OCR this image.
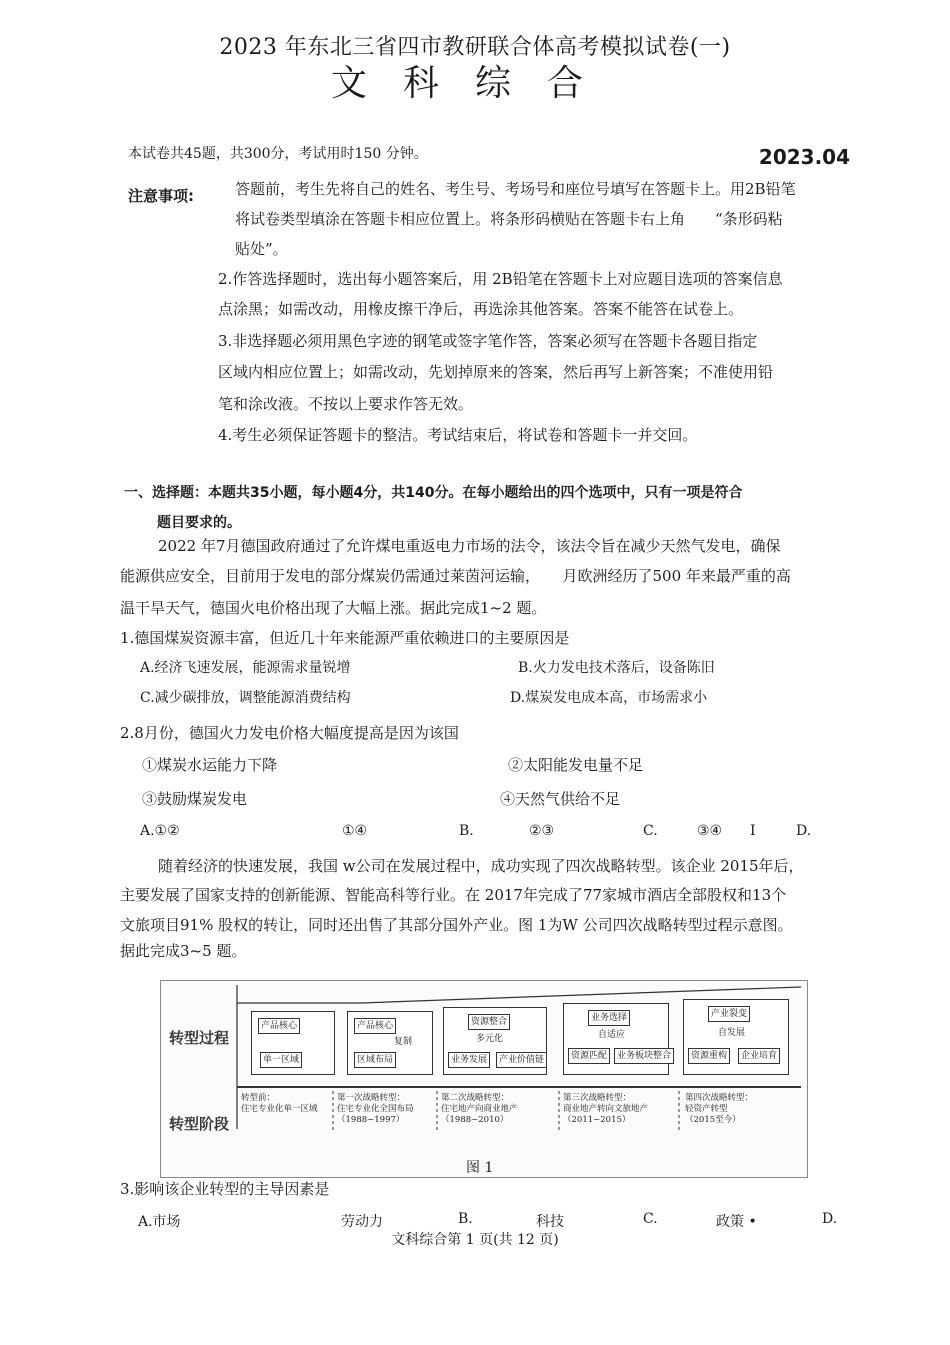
2023 年东北三省四市教研联合体高考模拟试卷(一)
文科综合
本试卷共45题，共300分，考试用时150 分钟。	2023.04
注意事项:	答题前，考生先将自己的姓名、考生号、考场号和座位号填写在答题卡上。用2B铅笔
将试卷类型填涂在答题卡相应位置上。将条形码横贴在答题卡右上角　　“条形码粘
贴处”。
2.作答选择题时，选出每小题答案后，用 2B铅笔在答题卡上对应题目选项的答案信息
点涂黑；如需改动，用橡皮擦干净后，再选涂其他答案。答案不能答在试卷上。
3.非选择题必须用黑色字迹的钢笔或签字笔作答，答案必须写在答题卡各题目指定
区域内相应位置上；如需改动，先划掉原来的答案，然后再写上新答案；不准使用铅
笔和涂改液。不按以上要求作答无效。
4.考生必须保证答题卡的整洁。考试结束后，将试卷和答题卡一并交回。
一、选择题：本题共35小题，每小题4分，共140分。在每小题给出的四个选项中，只有一项是符合
题目要求的。
2022 年7月德国政府通过了允许煤电重返电力市场的法令，该法令旨在减少天然气发电，确保
能源供应安全，目前用于发电的部分煤炭仍需通过莱茵河运输，　　月欧洲经历了500 年来最严重的高
温干旱天气，德国火电价格出现了大幅上涨。据此完成1~2 题。
1.德国煤炭资源丰富，但近几十年来能源严重依赖进口的主要原因是
A.经济飞速发展，能源需求量锐增	B.火力发电技术落后，设备陈旧
C.减少碳排放，调整能源消费结构	D.煤炭发电成本高，市场需求小
2.8月份，德国火力发电价格大幅度提高是因为该国
①煤炭水运能力下降	②太阳能发电量不足
③鼓励煤炭发电	④天然气供给不足
A.①②	①④	B.	②③	C.	③④ I	D.
随着经济的快速发展，我国 w公司在发展过程中，成功实现了四次战略转型。该企业 2015年后，
主要发展了国家支持的创新能源、智能高科等行业。在 2017年完成了77家城市酒店全部股权和13个
文旅项目91% 股权的转让，同时还出售了其部分国外产业。图 1为W 公司四次战略转型过程示意图。
据此完成3~5 题。
转型过程
转型阶段
产品核心
单一区域
产品核心
复制
区域布局
资源整合
多元化
业务发展	产业价值链
业务选择
自适应
资源匹配	业务板块整合
产业裂变
自发展
资源重构	企业培育
转型前：
住宅专业化单一区域
第一次战略转型：
住宅专业化全国布局
（1988~1997）
第二次战略转型：
住宅地产向商业地产
（1988~2010）
第三次战略转型：
商业地产转向文旅地产
（2011~2015）
第四次战略转型：
轻资产转型
（2015至今）
图 1
3.影响该企业转型的主导因素是
A.市场	劳动力	B.	科技	C.	政策 •	D.
文科综合第 1 页(共 12 页)
